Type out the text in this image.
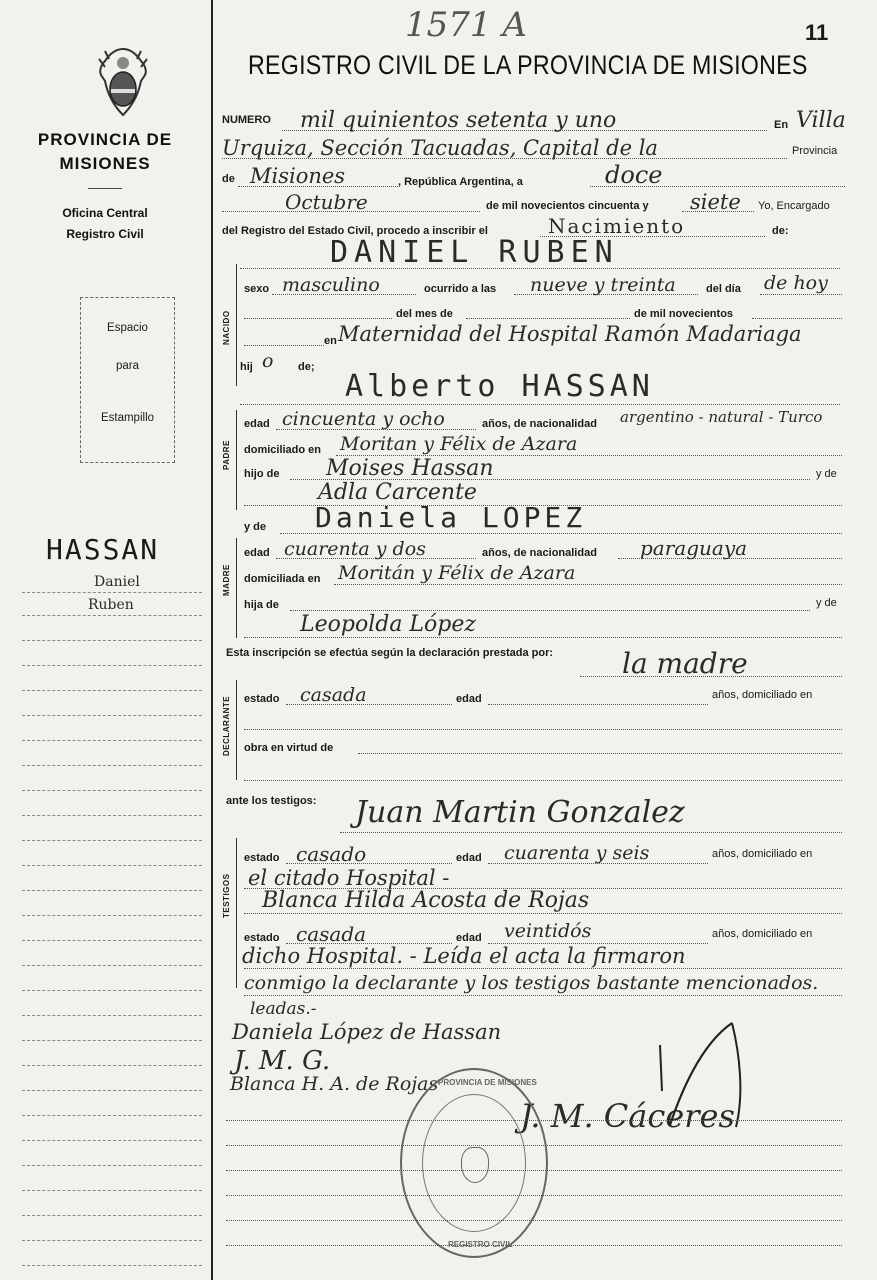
1571 A	11
REGISTRO CIVIL DE LA PROVINCIA DE MISIONES
PROVINCIA DE
MISIONES
Oficina Central
Registro Civil
Espacio
para
Estampillo
HASSAN
Daniel
Ruben
NUMERO mil quinientos setenta y uno	En Villa
Urquiza, Sección Tacuadas, Capital de la	Provincia
de Misiones	, República Argentina, a	doce
Octubre	de mil novecientos cincuenta y siete Yo, Encargado
del Registro del Estado Civil, procedo a inscribir el	Nacimiento	de:
NACIDO
DANIEL RUBEN
sexo masculino	ocurrido a las nueve y treinta	del día de hoy
del mes de	de mil novecientos
en Maternidad del Hospital Ramón Madariaga
hij o de;
Alberto HASSAN
PADRE
edad cincuenta y ocho	años, de nacionalidad argentino - natural - Turco
domiciliado en Moritan y Félix de Azara
hijo de Moises Hassan	y de
Adla Carcente
y de Daniela LOPEZ
MADRE
edad cuarenta y dos	años, de nacionalidad paraguaya
domiciliada en Moritán y Félix de Azara
hija de	y de
Leopolda López
Esta inscripción se efectúa según la declaración prestada por: la madre
DECLARANTE estado casada	edad	años, domiciliado en
obra en virtud de
ante los testigos: Juan Martin Gonzalez
TESTIGOS
estado casado	edad cuarenta y seis	años, domiciliado en
el citado Hospital -
Blanca Hilda Acosta de Rojas
estado casada	edad veintidós	años, domiciliado en
dicho Hospital. - Leída el acta la firmaron
conmigo la declarante y los testigos bastante mencionados.
leadas.-
Daniela López de Hassan
J. M. G.
Blanca H. A. de Rojas
J. M. Cáceres
PROVINCIA DE MISIONES
REGISTRO CIVIL
